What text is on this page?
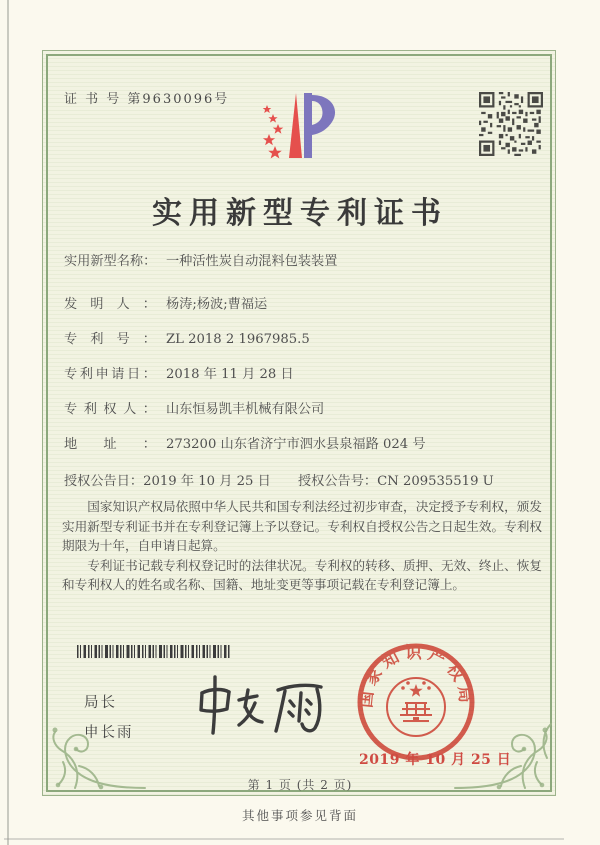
证 书 号 第9630096号
实用新型专利证书
实用新型名称： 一种活性炭自动混料包装装置
发明人： 杨涛;杨波;曹福运
专利号： ZL 2018 2 1967985.5
专利申请日： 2018 年 11 月 28 日
专利权人： 山东恒易凯丰机械有限公司
地址： 273200 山东省济宁市泗水县泉福路 024 号
授权公告日：2019 年 10 月 25 日 授权公告号：CN 209535519 U

国家知识产权局依照中华人民共和国专利法经过初步审查，决定授予专利权，颁发实用新型专利证书并在专利登记簿上予以登记。专利权自授权公告之日起生效。专利权期限为十年，自申请日起算。

专利证书记载专利权登记时的法律状况。专利权的转移、质押、无效、终止、恢复和专利权人的姓名或名称、国籍、地址变更等事项记载在专利登记簿上。

局长
申长雨
国家知识产权局
2019 年 10 月 25 日
第 1 页 (共 2 页)
其他事项参见背面
